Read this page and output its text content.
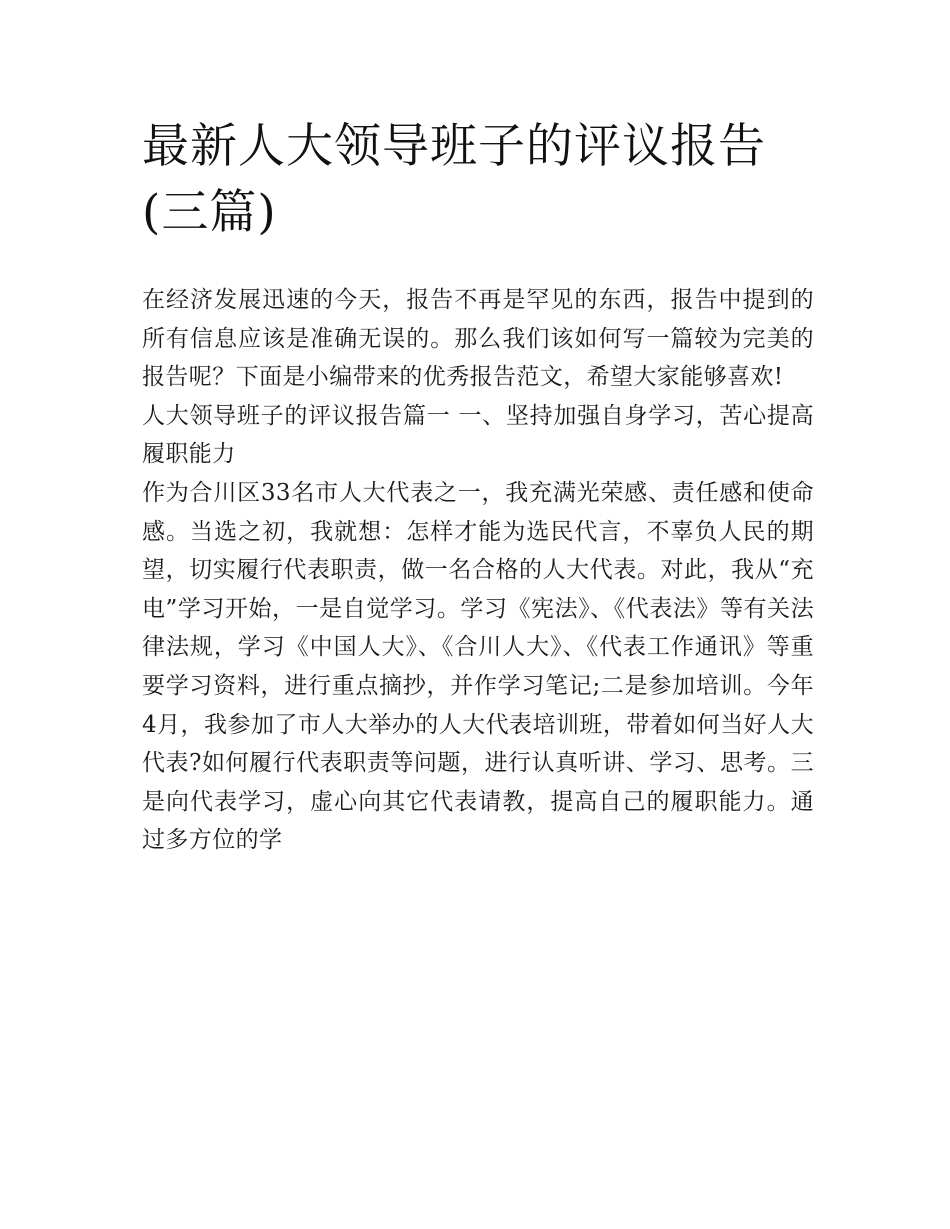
最新人大领导班子的评议报告(三篇)

在经济发展迅速的今天，报告不再是罕见的东西，报告中提到的所有信息应该是准确无误的。那么我们该如何写一篇较为完美的报告呢？下面是小编带来的优秀报告范文，希望大家能够喜欢!

人大领导班子的评议报告篇一 一、坚持加强自身学习，苦心提高履职能力

作为合川区33名市人大代表之一，我充满光荣感、责任感和使命感。当选之初，我就想：怎样才能为选民代言，不辜负人民的期望，切实履行代表职责，做一名合格的人大代表。对此，我从“充电”学习开始，一是自觉学习。学习《宪法》、《代表法》等有关法律法规，学习《中国人大》、《合川人大》、《代表工作通讯》等重要学习资料，进行重点摘抄，并作学习笔记;二是参加培训。今年4月，我参加了市人大举办的人大代表培训班，带着如何当好人大代表?如何履行代表职责等问题，进行认真听讲、学习、思考。三是向代表学习，虚心向其它代表请教，提高自己的履职能力。通过多方位的学
